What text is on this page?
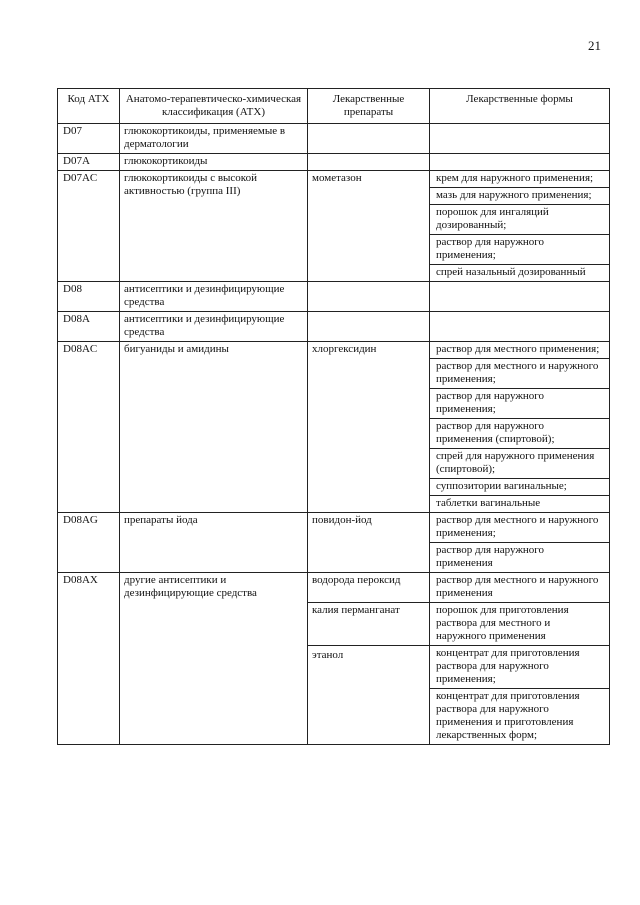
21
Код АТХ	Анатомо-терапевтическо-химическая классификация (АТХ)	Лекарственные препараты	Лекарственные формы
D07	глюкокортикоиды, применяемые в дерматологии		
D07A	глюкокортикоиды		
D07AC	глюкокортикоиды с высокой активностью (группа III)	мометазон	крем для наружного применения;
			мазь для наружного применения;
			порошок для ингаляций дозированный;
			раствор для наружного применения;
			спрей назальный дозированный
D08	антисептики и дезинфицирующие средства		
D08A	антисептики и дезинфицирующие средства		
D08AC	бигуаниды и амидины	хлоргексидин	раствор для местного применения;
			раствор для местного и наружного применения;
			раствор для наружного применения;
			раствор для наружного применения (спиртовой);
			спрей для наружного применения (спиртовой);
			суппозитории вагинальные;
			таблетки вагинальные
D08AG	препараты йода	повидон-йод	раствор для местного и наружного применения;
			раствор для наружного применения
D08AX	другие антисептики и дезинфицирующие средства	водорода пероксид	раствор для местного и наружного применения
		калия перманганат	порошок для приготовления раствора для местного и наружного применения
		этанол	концентрат для приготовления раствора для наружного применения;
			концентрат для приготовления раствора для наружного применения и приготовления лекарственных форм;
